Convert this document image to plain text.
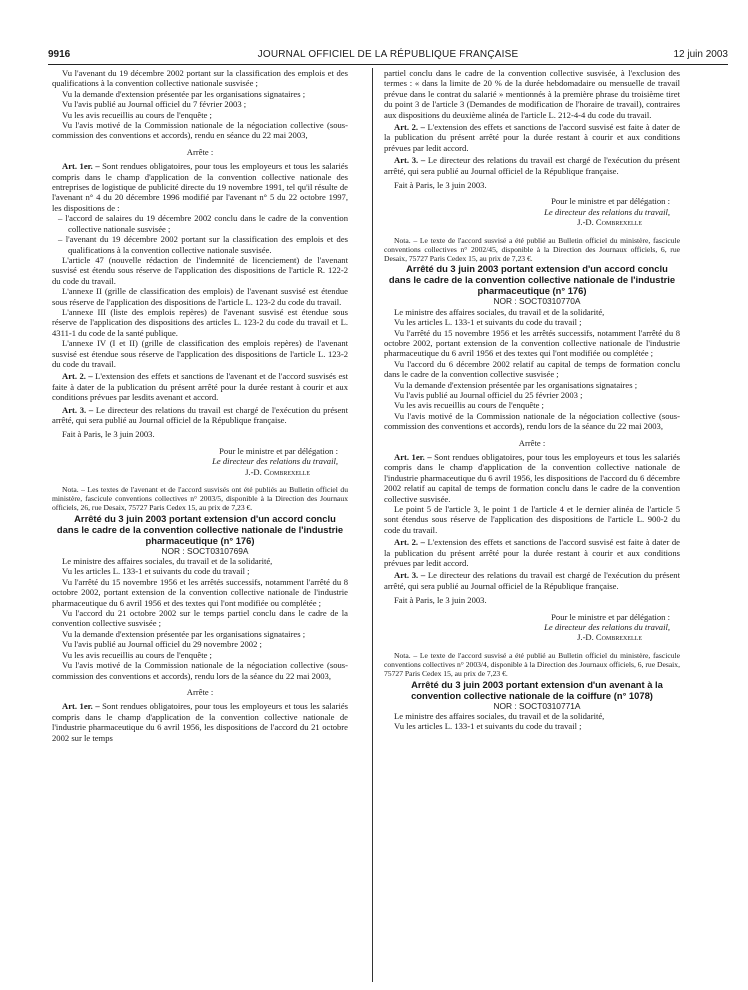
9916	JOURNAL OFFICIEL DE LA RÉPUBLIQUE FRANÇAISE	12 juin 2003

Vu l'avenant du 19 décembre 2002 portant sur la classification des emplois et des qualifications à la convention collective nationale susvisée ;

Vu la demande d'extension présentée par les organisations signataires ;

Vu l'avis publié au Journal officiel du 7 février 2003 ;

Vu les avis recueillis au cours de l'enquête ;

Vu l'avis motivé de la Commission nationale de la négociation collective (sous-commission des conventions et accords), rendu en séance du 22 mai 2003,

Arrête :

Art. 1er. – Sont rendues obligatoires, pour tous les employeurs et tous les salariés compris dans le champ d'application de la convention collective nationale des entreprises de logistique de publicité directe du 19 novembre 1991, tel qu'il résulte de l'avenant n° 4 du 20 décembre 1996 modifié par l'avenant n° 5 du 22 octobre 1997, les dispositions de :

– l'accord de salaires du 19 décembre 2002 conclu dans le cadre de la convention collective nationale susvisée ;

– l'avenant du 19 décembre 2002 portant sur la classification des emplois et des qualifications à la convention collective nationale susvisée.

L'article 47 (nouvelle rédaction de l'indemnité de licenciement) de l'avenant susvisé est étendu sous réserve de l'application des dispositions de l'article R. 122-2 du code du travail.

L'annexe II (grille de classification des emplois) de l'avenant susvisé est étendue sous réserve de l'application des dispositions de l'article L. 123-2 du code du travail.

L'annexe III (liste des emplois repères) de l'avenant susvisé est étendue sous réserve de l'application des dispositions des articles L. 123-2 du code du travail et L. 4311-1 du code de la santé publique.

L'annexe IV (I et II) (grille de classification des emplois repères) de l'avenant susvisé est étendue sous réserve de l'application des dispositions de l'article L. 123-2 du code du travail.

Art. 2. – L'extension des effets et sanctions de l'avenant et de l'accord susvisés est faite à dater de la publication du présent arrêté pour la durée restant à courir et aux conditions prévues par lesdits avenant et accord.

Art. 3. – Le directeur des relations du travail est chargé de l'exécution du présent arrêté, qui sera publié au Journal officiel de la République française.

Fait à Paris, le 3 juin 2003.

Pour le ministre et par délégation :

Le directeur des relations du travail,

J.-D. Combrexelle

Nota. – Les textes de l'avenant et de l'accord susvisés ont été publiés au Bulletin officiel du ministère, fascicule conventions collectives n° 2003/5, disponible à la Direction des Journaux officiels, 26, rue Desaix, 75727 Paris Cedex 15, au prix de 7,23 €.

Arrêté du 3 juin 2003 portant extension d'un accord conclu dans le cadre de la convention collective nationale de l'industrie pharmaceutique (n° 176)

NOR : SOCT0310769A

Le ministre des affaires sociales, du travail et de la solidarité,

Vu les articles L. 133-1 et suivants du code du travail ;

Vu l'arrêté du 15 novembre 1956 et les arrêtés successifs, notamment l'arrêté du 8 octobre 2002, portant extension de la convention collective nationale de l'industrie pharmaceutique du 6 avril 1956 et des textes qui l'ont modifiée ou complétée ;

Vu l'accord du 21 octobre 2002 sur le temps partiel conclu dans le cadre de la convention collective susvisée ;

Vu la demande d'extension présentée par les organisations signataires ;

Vu l'avis publié au Journal officiel du 29 novembre 2002 ;

Vu les avis recueillis au cours de l'enquête ;

Vu l'avis motivé de la Commission nationale de la négociation collective (sous-commission des conventions et accords), rendu lors de la séance du 22 mai 2003,

Arrête :

Art. 1er. – Sont rendues obligatoires, pour tous les employeurs et tous les salariés compris dans le champ d'application de la convention collective nationale de l'industrie pharmaceutique du 6 avril 1956, les dispositions de l'accord du 21 octobre 2002 sur le temps

partiel conclu dans le cadre de la convention collective susvisée, à l'exclusion des termes : « dans la limite de 20 % de la durée hebdomadaire ou mensuelle de travail prévue dans le contrat du salarié » mentionnés à la première phrase du troisième tiret du point 3 de l'article 3 (Demandes de modification de l'horaire de travail), contraires aux dispositions du deuxième alinéa de l'article L. 212-4-4 du code du travail.

Art. 2. – L'extension des effets et sanctions de l'accord susvisé est faite à dater de la publication du présent arrêté pour la durée restant à courir et aux conditions prévues par ledit accord.

Art. 3. – Le directeur des relations du travail est chargé de l'exécution du présent arrêté, qui sera publié au Journal officiel de la République française.

Fait à Paris, le 3 juin 2003.

Pour le ministre et par délégation :

Le directeur des relations du travail,

J.-D. Combrexelle

Nota. – Le texte de l'accord susvisé a été publié au Bulletin officiel du ministère, fascicule conventions collectives n° 2002/45, disponible à la Direction des Journaux officiels, 6, rue Desaix, 75727 Paris Cedex 15, au prix de 7,23 €.

Arrêté du 3 juin 2003 portant extension d'un accord conclu dans le cadre de la convention collective nationale de l'industrie pharmaceutique (n° 176)

NOR : SOCT0310770A

Le ministre des affaires sociales, du travail et de la solidarité,

Vu les articles L. 133-1 et suivants du code du travail ;

Vu l'arrêté du 15 novembre 1956 et les arrêtés successifs, notamment l'arrêté du 8 octobre 2002, portant extension de la convention collective nationale de l'industrie pharmaceutique du 6 avril 1956 et des textes qui l'ont modifiée ou complétée ;

Vu l'accord du 6 décembre 2002 relatif au capital de temps de formation conclu dans le cadre de la convention collective susvisée ;

Vu la demande d'extension présentée par les organisations signataires ;

Vu l'avis publié au Journal officiel du 25 février 2003 ;

Vu les avis recueillis au cours de l'enquête ;

Vu l'avis motivé de la Commission nationale de la négociation collective (sous-commission des conventions et accords), rendu lors de la séance du 22 mai 2003,

Arrête :

Art. 1er. – Sont rendues obligatoires, pour tous les employeurs et tous les salariés compris dans le champ d'application de la convention collective nationale de l'industrie pharmaceutique du 6 avril 1956, les dispositions de l'accord du 6 décembre 2002 relatif au capital de temps de formation conclu dans le cadre de la convention collective susvisée.

Le point 5 de l'article 3, le point 1 de l'article 4 et le dernier alinéa de l'article 5 sont étendus sous réserve de l'application des dispositions de l'article L. 900-2 du code du travail.

Art. 2. – L'extension des effets et sanctions de l'accord susvisé est faite à dater de la publication du présent arrêté pour la durée restant à courir et aux conditions prévues par ledit accord.

Art. 3. – Le directeur des relations du travail est chargé de l'exécution du présent arrêté, qui sera publié au Journal officiel de la République française.

Fait à Paris, le 3 juin 2003.

Pour le ministre et par délégation :

Le directeur des relations du travail,

J.-D. Combrexelle

Nota. – Le texte de l'accord susvisé a été publié au Bulletin officiel du ministère, fascicule conventions collectives n° 2003/4, disponible à la Direction des Journaux officiels, 6, rue Desaix, 75727 Paris Cedex 15, au prix de 7,23 €.

Arrêté du 3 juin 2003 portant extension d'un avenant à la convention collective nationale de la coiffure (n° 1078)

NOR : SOCT0310771A

Le ministre des affaires sociales, du travail et de la solidarité,

Vu les articles L. 133-1 et suivants du code du travail ;
